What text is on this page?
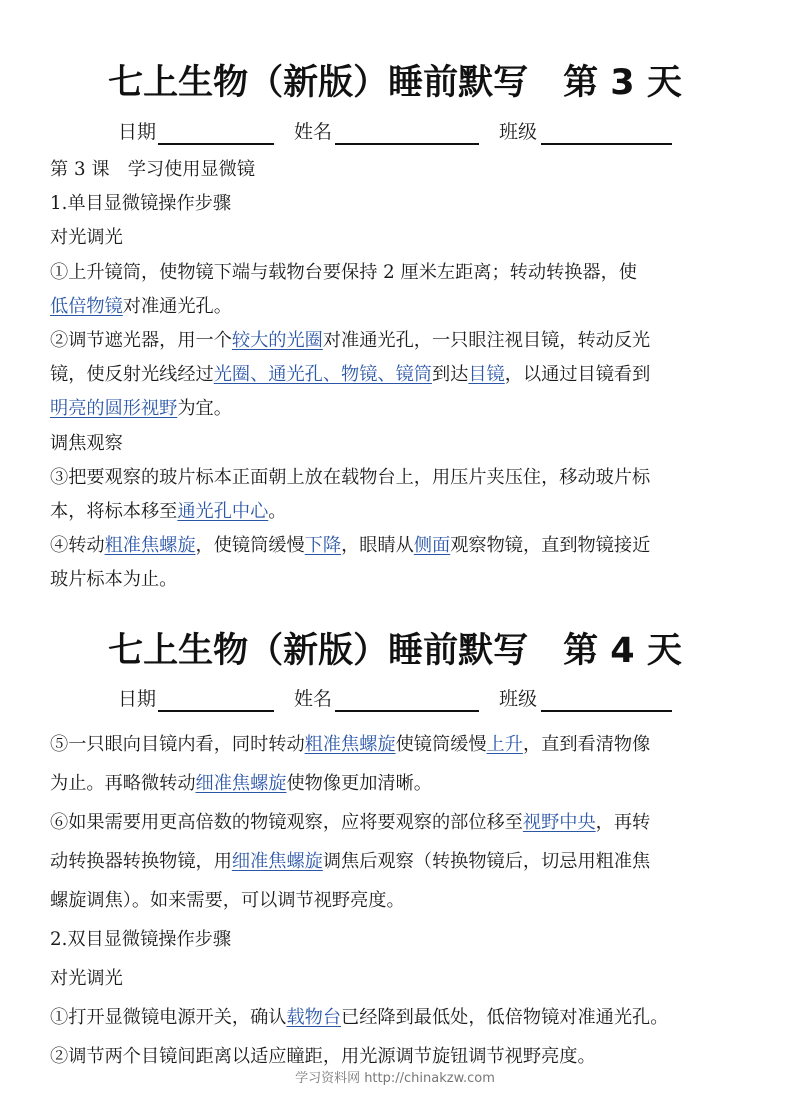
七上生物（新版）睡前默写　第 3 天
日期	姓名	班级

第 3 课　学习使用显微镜

1.单目显微镜操作步骤

对光调光

①上升镜筒，使物镜下端与载物台要保持 2 厘米左距离；转动转换器，使

低倍物镜对准通光孔。

②调节遮光器，用一个较大的光圈对准通光孔，一只眼注视目镜，转动反光

镜，使反射光线经过光圈、通光孔、物镜、镜筒到达目镜，以通过目镜看到

明亮的圆形视野为宜。

调焦观察

③把要观察的玻片标本正面朝上放在载物台上，用压片夹压住，移动玻片标

本，将标本移至通光孔中心。

④转动粗准焦螺旋，使镜筒缓慢下降，眼睛从侧面观察物镜，直到物镜接近

玻片标本为止。

七上生物（新版）睡前默写　第 4 天
日期	姓名	班级

⑤一只眼向目镜内看，同时转动粗准焦螺旋使镜筒缓慢上升，直到看清物像

为止。再略微转动细准焦螺旋使物像更加清晰。

⑥如果需要用更高倍数的物镜观察，应将要观察的部位移至视野中央，再转

动转换器转换物镜，用细准焦螺旋调焦后观察（转换物镜后，切忌用粗准焦

螺旋调焦）。如来需要，可以调节视野亮度。

2.双目显微镜操作步骤

对光调光

①打开显微镜电源开关，确认载物台已经降到最低处，低倍物镜对准通光孔。

②调节两个目镜间距离以适应瞳距，用光源调节旋钮调节视野亮度。

学习资料网 http://chinakzw.com
